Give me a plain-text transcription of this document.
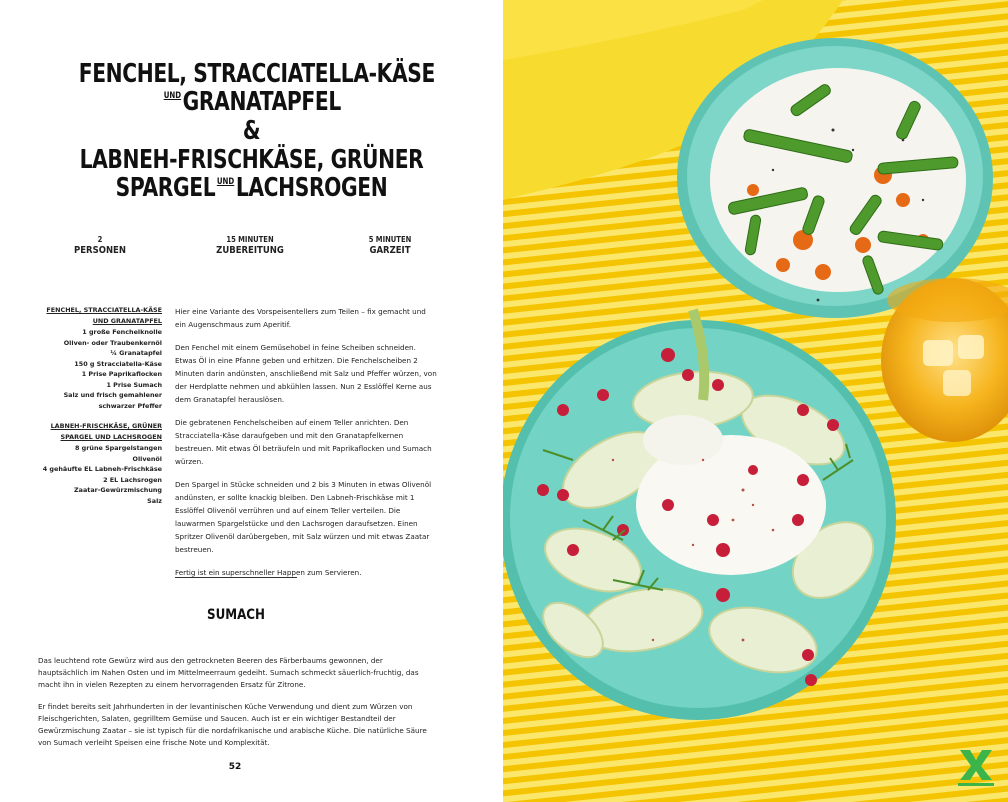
FENCHEL, STRACCIATELLA-KÄSE
UNDGRANATAPFEL
&
LABNEH-FRISCHKÄSE, GRÜNER
SPARGEL UNDLACHSROGEN
2
PERSONEN
15 MINUTEN
ZUBEREITUNG
5 MINUTEN
GARZEIT
FENCHEL, STRACCIATELLA-KÄSE UND GRANATAPFEL
1 große Fenchelknolle
Oliven- oder Traubenkernöl
¼ Granatapfel
150 g Stracciatella-Käse
1 Prise Paprikaflocken
1 Prise Sumach
Salz und frisch gemahlener schwarzer Pfeffer
LABNEH-FRISCHKÄSE, GRÜNER SPARGEL UND LACHSROGEN
8 grüne Spargelstangen
Olivenöl
4 gehäufte EL Labneh-Frischkäse
2 EL Lachsrogen
Zaatar-Gewürzmischung
Salz

Hier eine Variante des Vorspeisentellers zum Teilen – fix gemacht und ein Augenschmaus zum Aperitif.

Den Fenchel mit einem Gemüsehobel in feine Scheiben schneiden. Etwas Öl in eine Pfanne geben und erhitzen. Die Fenchelscheiben 2 Minuten darin andünsten, anschließend mit Salz und Pfeffer würzen, von der Herdplatte nehmen und abkühlen lassen. Nun 2 Esslöffel Kerne aus dem Granatapfel herauslösen.

Die gebratenen Fenchelscheiben auf einem Teller anrichten. Den Stracciatella-Käse daraufgeben und mit den Granatapfelkernen bestreuen. Mit etwas Öl beträufeln und mit Paprikaflocken und Sumach würzen.

Den Spargel in Stücke schneiden und 2 bis 3 Minuten in etwas Olivenöl andünsten, er sollte knackig bleiben. Den Labneh-Frischkäse mit 1 Esslöffel Olivenöl verrühren und auf einem Teller verteilen. Die lauwarmen Spargelstücke und den Lachsrogen daraufsetzen. Einen Spritzer Olivenöl darübergeben, mit Salz würzen und mit etwas Zaatar bestreuen.

Fertig ist ein superschneller Happen zum Servieren.

SUMACH

Das leuchtend rote Gewürz wird aus den getrockneten Beeren des Färberbaums gewonnen, der hauptsächlich im Nahen Osten und im Mittelmeerraum gedeiht. Sumach schmeckt säuerlich-fruchtig, das macht ihn in vielen Rezepten zu einem hervorragenden Ersatz für Zitrone.

Er findet bereits seit Jahrhunderten in der levantinischen Küche Verwendung und dient zum Würzen von Fleischgerichten, Salaten, gegrilltem Gemüse und Saucen. Auch ist er ein wichtiger Bestandteil der Gewürzmischung Zaatar – sie ist typisch für die nordafrikanische und arabische Küche. Die natürliche Säure von Sumach verleiht Speisen eine frische Note und Komplexität.

52
